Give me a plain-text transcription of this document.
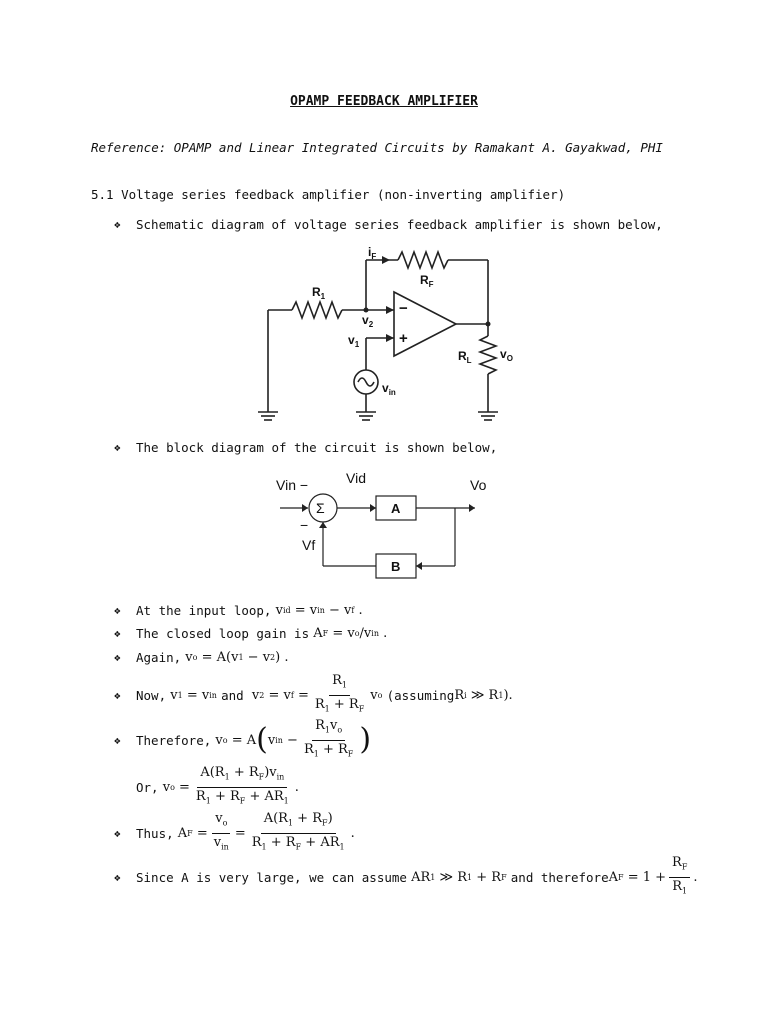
OPAMP FEEDBACK AMPLIFIER
Reference: OPAMP and Linear Integrated Circuits by Ramakant A. Gayakwad, PHI
5.1 Voltage series feedback amplifier (non-inverting amplifier)
❖	Schematic diagram of voltage series feedback amplifier is shown below,
$i_F$
$R_F$
$R_1$
$v_2$
$v_1$
$R_L$ $v_O$
$v_{in}$
−
+
❖	The block diagram of the circuit is shown below,
Vin −	Vid	Vo
−
Vf
Σ	A
B
❖	At the input loop, v id = v in − v f .
❖	The closed loop gain is A F = v o /v in .
❖	Again, v o = A(v 1 − v 2 ) .
❖	Now, v 1 = v in
and v 2 = v $f = \frac{R_1}{R_1 + R_F}$ v o
(assuming R i ≫ R 1 ).
❖	Therefore, v o = A ( v in − $\frac{R_1v_o}{R_1 + R_F}$ )
Or, v $o = \frac{A(R_1 + R_F)v_{in}}{R_1 + R_F + AR_1}$ .
❖	Thus, A $F = \frac{v_o}{v_{in}} = \frac{A(R_1 + R_F)}{R_1 + R_F + AR_1}$ .
❖	Since A is very large, we can assume AR 1 ≫ R 1 + R F
and therefore A $F = 1 + \frac{R_F}{R_1}$ .
